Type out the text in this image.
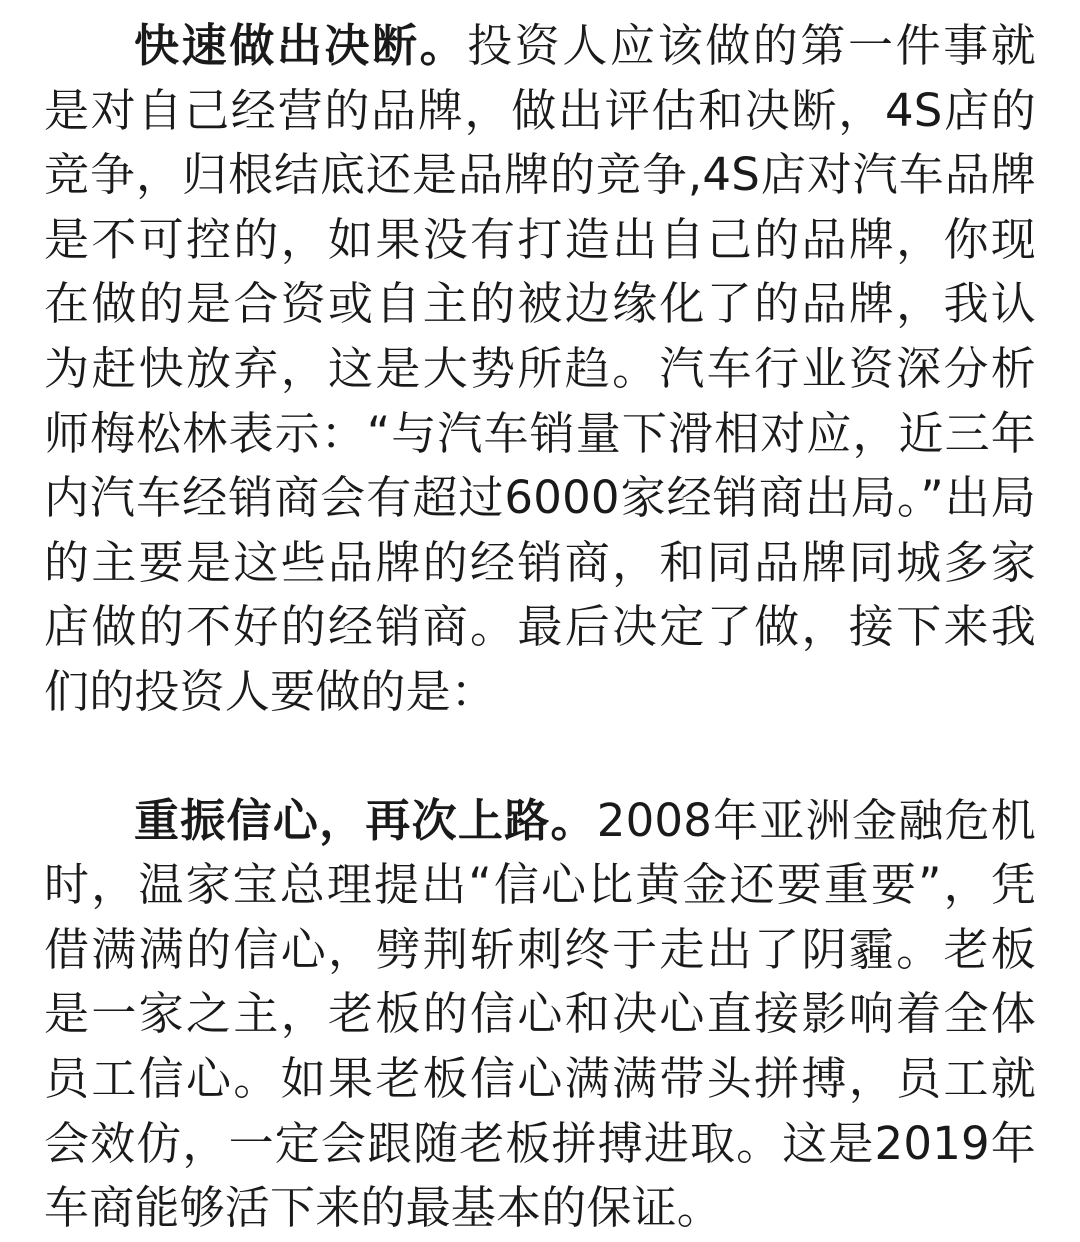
快速做出决断。投资人应该做的第一件事就是对自己经营的品牌，做出评估和决断，4S店的竞争，归根结底还是品牌的竞争,4S店对汽车品牌是不可控的，如果没有打造出自己的品牌，你现在做的是合资或自主的被边缘化了的品牌，我认为赶快放弃，这是大势所趋。汽车行业资深分析师梅松林表示：“与汽车销量下滑相对应，近三年内汽车经销商会有超过6000家经销商出局。”出局的主要是这些品牌的经销商，和同品牌同城多家店做的不好的经销商。最后决定了做，接下来我们的投资人要做的是：

重振信心，再次上路。2008年亚洲金融危机时，温家宝总理提出“信心比黄金还要重要”，凭借满满的信心，劈荆斩刺终于走出了阴霾。老板是一家之主，老板的信心和决心直接影响着全体员工信心。如果老板信心满满带头拼搏，员工就会效仿，一定会跟随老板拼搏进取。这是2019年车商能够活下来的最基本的保证。
